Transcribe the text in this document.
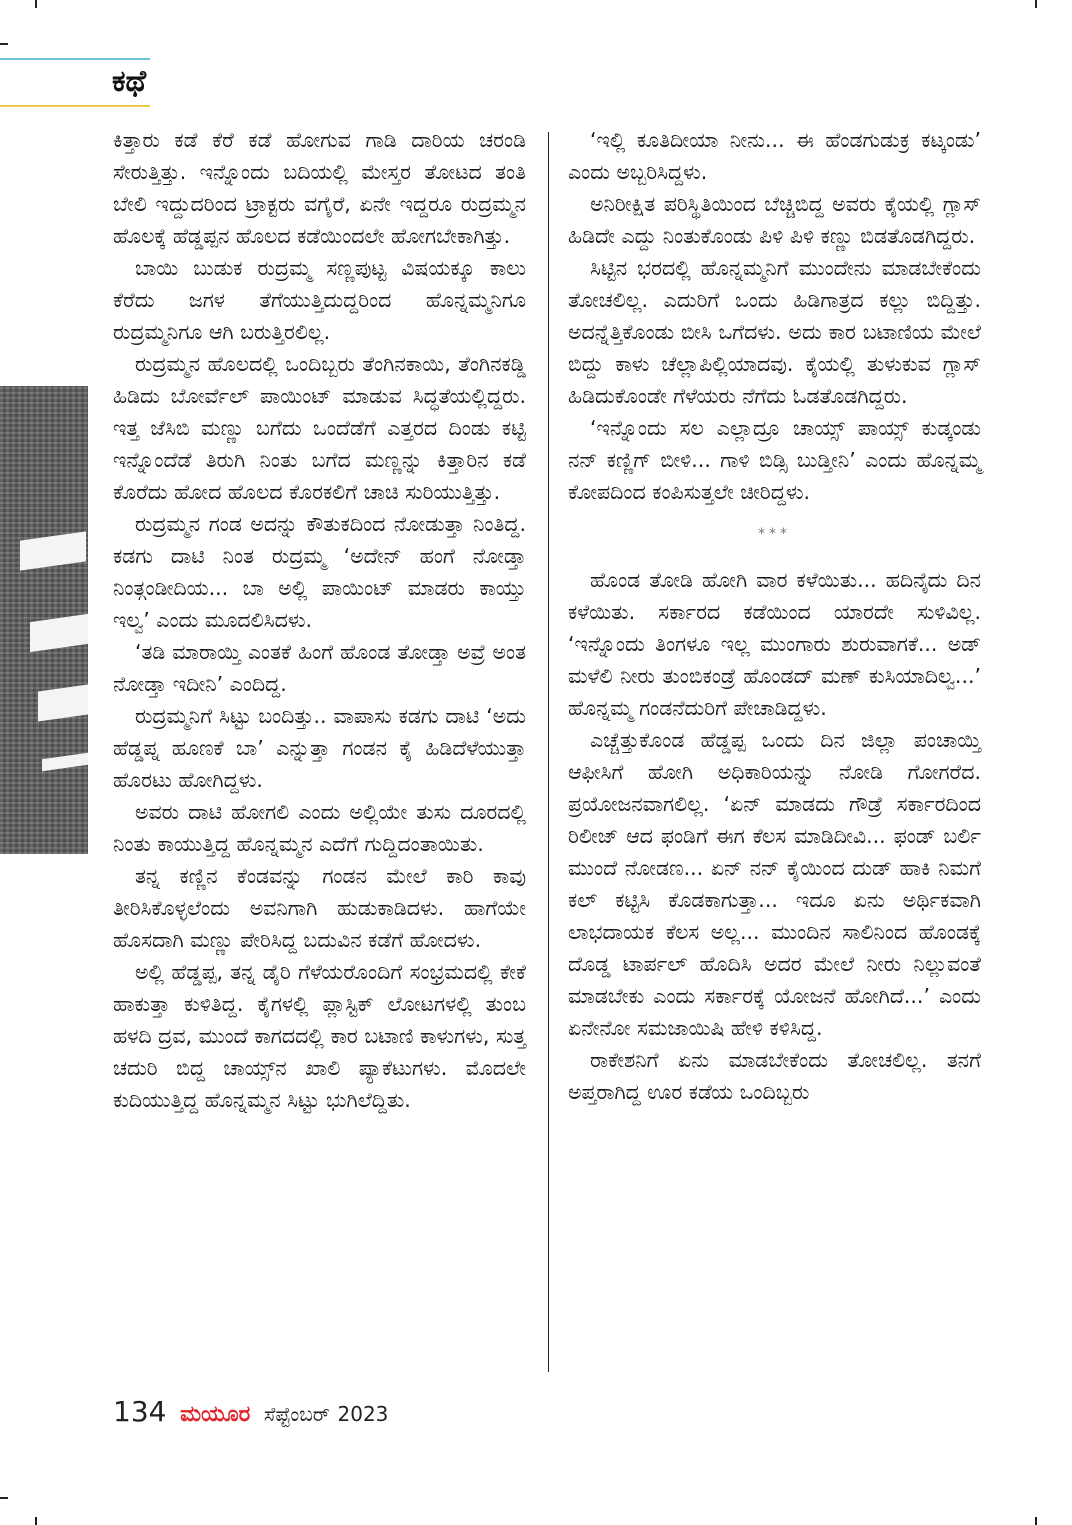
ಕಥೆ

ಕಿತ್ತಾರು ಕಡೆ ಕೆರೆ ಕಡೆ ಹೋಗುವ ಗಾಡಿ ದಾರಿಯ ಚರಂಡಿ ಸೇರುತ್ತಿತ್ತು. ಇನ್ನೊಂದು ಬದಿಯಲ್ಲಿ ಮೇಸ್ತರ ತೋಟದ ತಂತಿ ಬೇಲಿ ಇದ್ದುದರಿಂದ ಟ್ರಾಕ್ಟರು ವಗೈರೆ, ಏನೇ ಇದ್ದರೂ ರುದ್ರಮ್ಮನ ಹೊಲಕ್ಕೆ ಹೆಡ್ಡಪ್ಪನ ಹೊಲದ ಕಡೆಯಿಂದಲೇ ಹೋಗಬೇಕಾಗಿತ್ತು.

ಬಾಯಿ ಬುಡುಕ ರುದ್ರಮ್ಮ ಸಣ್ಣಪುಟ್ಟ ವಿಷಯಕ್ಕೂ ಕಾಲು ಕೆರೆದು ಜಗಳ ತೆಗೆಯುತ್ತಿದುದ್ದರಿಂದ ಹೊನ್ನಮ್ಮನಿಗೂ ರುದ್ರಮ್ಮನಿಗೂ ಆಗಿ ಬರುತ್ತಿರಲಿಲ್ಲ.

ರುದ್ರಮ್ಮನ ಹೊಲದಲ್ಲಿ ಒಂದಿಬ್ಬರು ತೆಂಗಿನಕಾಯಿ, ತೆಂಗಿನಕಡ್ಡಿ ಹಿಡಿದು ಬೋರ್ವೆಲ್ ಪಾಯಿಂಟ್ ಮಾಡುವ ಸಿದ್ಧತೆಯಲ್ಲಿದ್ದರು. ಇತ್ತ ಜೆಸಿಬಿ ಮಣ್ಣು ಬಗೆದು ಒಂದೆಡೆಗೆ ಎತ್ತರದ ದಿಂಡು ಕಟ್ಟಿ ಇನ್ನೊಂದೆಡೆ ತಿರುಗಿ ನಿಂತು ಬಗೆದ ಮಣ್ಣನ್ನು ಕಿತ್ತಾರಿನ ಕಡೆ ಕೊರೆದು ಹೋದ ಹೊಲದ ಕೊರಕಲಿಗೆ ಚಾಚಿ ಸುರಿಯುತ್ತಿತ್ತು.

ರುದ್ರಮ್ಮನ ಗಂಡ ಅದನ್ನು ಕೌತುಕದಿಂದ ನೋಡುತ್ತಾ ನಿಂತಿದ್ದ. ಕಡಗು ದಾಟಿ ನಿಂತ ರುದ್ರಮ್ಮ ‘ಅದೇನ್ ಹಂಗೆ ನೋಡ್ತಾ ನಿಂತ್ಗಂಡೀದಿಯ... ಬಾ ಅಲ್ಲಿ ಪಾಯಿಂಟ್ ಮಾಡರು ಕಾಯ್ತು ಇಲ್ವ’ ಎಂದು ಮೂದಲಿಸಿದಳು.

‘ತಡಿ ಮಾರಾಯ್ತಿ ಎಂತಕೆ ಹಿಂಗೆ ಹೊಂಡ ತೋಡ್ತಾ ಅವ್ರೆ ಅಂತ ನೋಡ್ತಾ ಇದೀನಿ’ ಎಂದಿದ್ದ.

ರುದ್ರಮ್ಮನಿಗೆ ಸಿಟ್ಟು ಬಂದಿತ್ತು.. ವಾಪಾಸು ಕಡಗು ದಾಟಿ ‘ಅದು ಹೆಡ್ಡಪ್ನ ಹೂಣಕೆ ಬಾ’ ಎನ್ನುತ್ತಾ ಗಂಡನ ಕೈ ಹಿಡಿದೆಳೆಯುತ್ತಾ ಹೊರಟು ಹೋಗಿದ್ದಳು.

ಅವರು ದಾಟಿ ಹೋಗಲಿ ಎಂದು ಅಲ್ಲಿಯೇ ತುಸು ದೂರದಲ್ಲಿ ನಿಂತು ಕಾಯುತ್ತಿದ್ದ ಹೊನ್ನಮ್ಮನ ಎದೆಗೆ ಗುದ್ದಿದಂತಾಯಿತು.

ತನ್ನ ಕಣ್ಣಿನ ಕೆಂಡವನ್ನು ಗಂಡನ ಮೇಲೆ ಕಾರಿ ಕಾವು ತೀರಿಸಿಕೊಳ್ಳಲೆಂದು ಅವನಿಗಾಗಿ ಹುಡುಕಾಡಿದಳು. ಹಾಗೆಯೇ ಹೊಸದಾಗಿ ಮಣ್ಣು ಪೇರಿಸಿದ್ದ ಬದುವಿನ ಕಡೆಗೆ ಹೋದಳು.

ಅಲ್ಲಿ ಹೆಡ್ಡಪ್ಪ, ತನ್ನ ಡೈರಿ ಗೆಳೆಯರೊಂದಿಗೆ ಸಂಭ್ರಮದಲ್ಲಿ ಕೇಕೆ ಹಾಕುತ್ತಾ ಕುಳಿತಿದ್ದ. ಕೈಗಳಲ್ಲಿ ಪ್ಲಾಸ್ಟಿಕ್ ಲೋಟಗಳಲ್ಲಿ ತುಂಬ ಹಳದಿ ದ್ರವ, ಮುಂದೆ ಕಾಗದದಲ್ಲಿ ಕಾರ ಬಟಾಣಿ ಕಾಳುಗಳು, ಸುತ್ತ ಚದುರಿ ಬಿದ್ದ ಚಾಯ್ಸ್‌ನ ಖಾಲಿ ಪ್ಯಾಕೆಟುಗಳು. ಮೊದಲೇ ಕುದಿಯುತ್ತಿದ್ದ ಹೊನ್ನಮ್ಮನ ಸಿಟ್ಟು ಭುಗಿಲೆದ್ದಿತು.

‘ಇಲ್ಲಿ ಕೂತಿದೀಯಾ ನೀನು... ಈ ಹೆಂಡಗುಡುಕ್ರ ಕಟ್ಕಂಡು’ ಎಂದು ಅಬ್ಬರಿಸಿದ್ದಳು.

ಅನಿರೀಕ್ಷಿತ ಪರಿಸ್ಥಿತಿಯಿಂದ ಬೆಚ್ಚಿಬಿದ್ದ ಅವರು ಕೈಯಲ್ಲಿ ಗ್ಲಾಸ್ ಹಿಡಿದೇ ಎದ್ದು ನಿಂತುಕೊಂಡು ಪಿಳಿ ಪಿಳಿ ಕಣ್ಣು ಬಿಡತೊಡಗಿದ್ದರು.

ಸಿಟ್ಟಿನ ಭರದಲ್ಲಿ ಹೊನ್ನಮ್ಮನಿಗೆ ಮುಂದೇನು ಮಾಡಬೇಕೆಂದು ತೋಚಲಿಲ್ಲ. ಎದುರಿಗೆ ಒಂದು ಹಿಡಿಗಾತ್ರದ ಕಲ್ಲು ಬಿದ್ದಿತ್ತು. ಅದನ್ನೆತ್ತಿಕೊಂಡು ಬೀಸಿ ಒಗೆದಳು. ಅದು ಕಾರ ಬಟಾಣಿಯ ಮೇಲೆ ಬಿದ್ದು ಕಾಳು ಚೆಲ್ಲಾಪಿಲ್ಲಿಯಾದವು. ಕೈಯಲ್ಲಿ ತುಳುಕುವ ಗ್ಲಾಸ್ ಹಿಡಿದುಕೊಂಡೇ ಗೆಳೆಯರು ನೆಗೆದು ಓಡತೊಡಗಿದ್ದರು.

‘ಇನ್ನೊಂದು ಸಲ ಎಲ್ಲಾದ್ರೂ ಚಾಯ್ಸ್ ಪಾಯ್ಸ್ ಕುಡ್ಕಂಡು ನನ್ ಕಣ್ಣಿಗ್ ಬೀಳಿ... ಗಾಳಿ ಬಿಡ್ಸಿ ಬುಡ್ತೀನಿ’ ಎಂದು ಹೊನ್ನಮ್ಮ ಕೋಪದಿಂದ ಕಂಪಿಸುತ್ತಲೇ ಚೀರಿದ್ದಳು.

***

ಹೊಂಡ ತೋಡಿ ಹೋಗಿ ವಾರ ಕಳೆಯಿತು... ಹದಿನೈದು ದಿನ ಕಳೆಯಿತು. ಸರ್ಕಾರದ ಕಡೆಯಿಂದ ಯಾರದೇ ಸುಳಿವಿಲ್ಲ. ‘ಇನ್ನೊಂದು ತಿಂಗಳೂ ಇಲ್ಲ ಮುಂಗಾರು ಶುರುವಾಗಕೆ... ಅಡ್ ಮಳೆಲಿ ನೀರು ತುಂಬಿಕಂಡ್ರೆ ಹೊಂಡದ್ ಮಣ್ ಕುಸಿಯಾದಿಲ್ವ...’ ಹೊನ್ನಮ್ಮ ಗಂಡನೆದುರಿಗೆ ಪೇಚಾಡಿದ್ದಳು.

ಎಚ್ಚೆತ್ತುಕೊಂಡ ಹೆಡ್ಡಪ್ಪ ಒಂದು ದಿನ ಜಿಲ್ಲಾ ಪಂಚಾಯ್ತಿ ಆಫೀಸಿಗೆ ಹೋಗಿ ಅಧಿಕಾರಿಯನ್ನು ನೋಡಿ ಗೋಗರೆದ. ಪ್ರಯೋಜನವಾಗಲಿಲ್ಲ. ‘ಏನ್ ಮಾಡದು ಗೌಡ್ರೆ ಸರ್ಕಾರದಿಂದ ರಿಲೀಜ್ ಆದ ಫಂಡಿಗೆ ಈಗ ಕೆಲಸ ಮಾಡಿದೀವಿ... ಫಂಡ್ ಬರ್ಲಿ ಮುಂದೆ ನೋಡಣ... ಏನ್ ನನ್ ಕೈಯಿಂದ ದುಡ್ ಹಾಕಿ ನಿಮಗೆ ಕಲ್ ಕಟ್ಟಿಸಿ ಕೊಡಕಾಗುತ್ತಾ... ಇದೂ ಏನು ಅರ್ಥಿಕವಾಗಿ ಲಾಭದಾಯಕ ಕೆಲಸ ಅಲ್ಲ... ಮುಂದಿನ ಸಾಲಿನಿಂದ ಹೊಂಡಕ್ಕೆ ದೊಡ್ಡ ಟಾರ್ಪಲ್ ಹೊದಿಸಿ ಅದರ ಮೇಲೆ ನೀರು ನಿಲ್ಲುವಂತೆ ಮಾಡಬೇಕು ಎಂದು ಸರ್ಕಾರಕ್ಕೆ ಯೋಜನೆ ಹೋಗಿದೆ...’ ಎಂದು ಏನೇನೋ ಸಮಜಾಯಿಷಿ ಹೇಳಿ ಕಳಿಸಿದ್ದ.

ರಾಕೇಶನಿಗೆ ಏನು ಮಾಡಬೇಕೆಂದು ತೋಚಲಿಲ್ಲ. ತನಗೆ ಅಪ್ತರಾಗಿದ್ದ ಊರ ಕಡೆಯ ಒಂದಿಬ್ಬರು

134 ಮಯೂರ ಸೆಪ್ಟೆಂಬರ್ 2023
